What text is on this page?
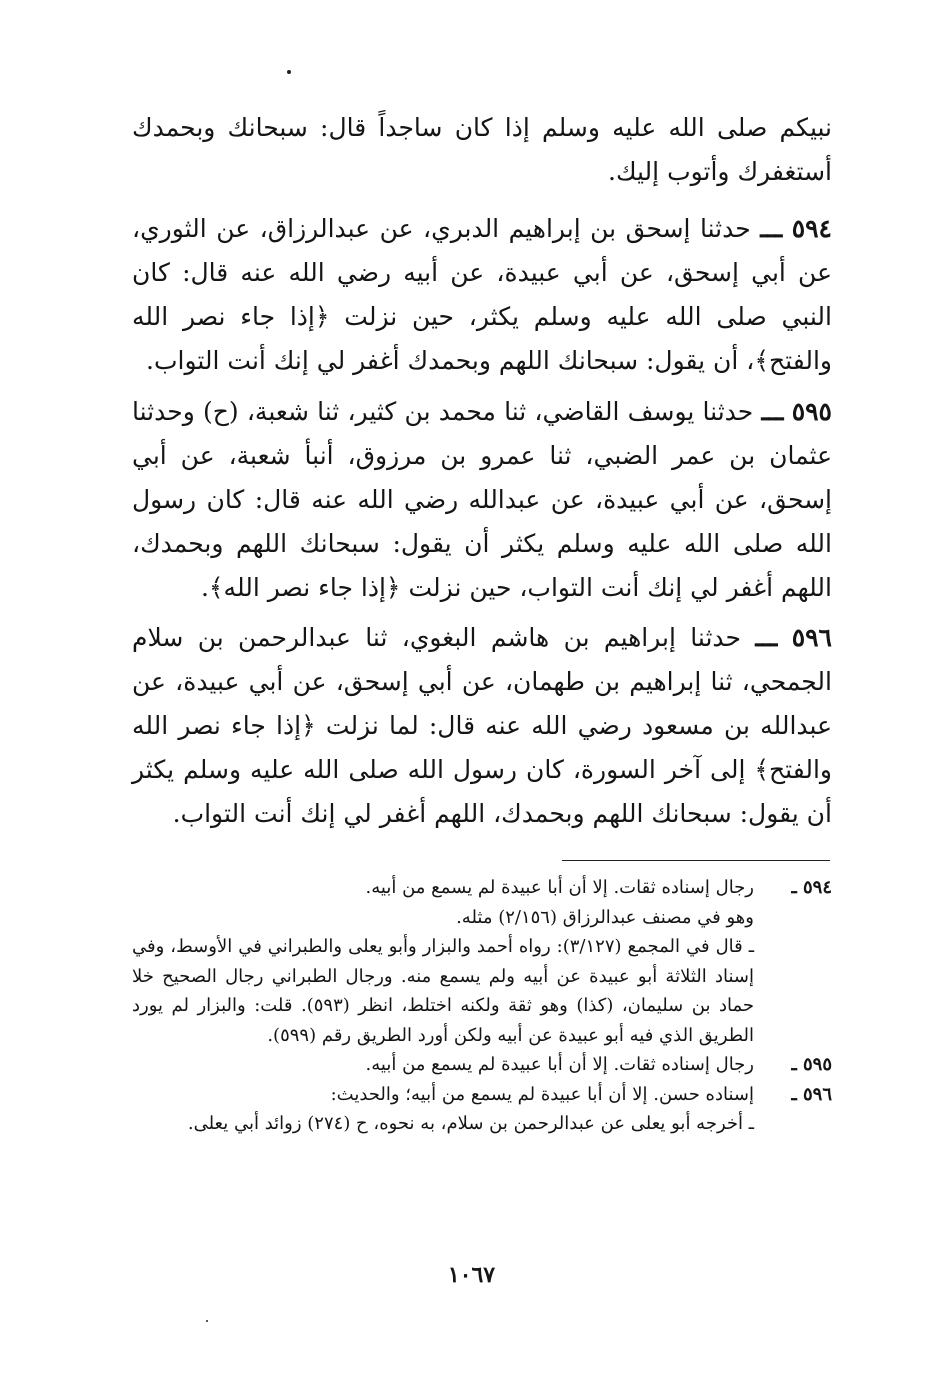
نبيكم صلى الله عليه وسلم إذا كان ساجداً قال: سبحانك وبحمدك أستغفرك وأتوب إليك.

٥٩٤ ـــ حدثنا إسحق بن إبراهيم الدبري، عن عبدالرزاق، عن الثوري، عن أبي إسحق، عن أبي عبيدة، عن أبيه رضي الله عنه قال: كان النبي صلى الله عليه وسلم يكثر، حين نزلت ﴿إذا جاء نصر الله والفتح﴾، أن يقول: سبحانك اللهم وبحمدك أغفر لي إنك أنت التواب.

٥٩٥ ـــ حدثنا يوسف القاضي، ثنا محمد بن كثير، ثنا شعبة، (ح) وحدثنا عثمان بن عمر الضبي، ثنا عمرو بن مرزوق، أنبأ شعبة، عن أبي إسحق، عن أبي عبيدة، عن عبدالله رضي الله عنه قال: كان رسول الله صلى الله عليه وسلم يكثر أن يقول: سبحانك اللهم وبحمدك، اللهم أغفر لي إنك أنت التواب، حين نزلت ﴿إذا جاء نصر الله﴾.

٥٩٦ ـــ حدثنا إبراهيم بن هاشم البغوي، ثنا عبدالرحمن بن سلام الجمحي، ثنا إبراهيم بن طهمان، عن أبي إسحق، عن أبي عبيدة، عن عبدالله بن مسعود رضي الله عنه قال: لما نزلت ﴿إذا جاء نصر الله والفتح﴾ إلى آخر السورة، كان رسول الله صلى الله عليه وسلم يكثر أن يقول: سبحانك اللهم وبحمدك، اللهم أغفر لي إنك أنت التواب.

٥٩٤ ـ

رجال إسناده ثقات. إلا أن أبا عبيدة لم يسمع من أبيه.

وهو في مصنف عبدالرزاق (٢/١٥٦) مثله.

ـ قال في المجمع (٣/١٢٧): رواه أحمد والبزار وأبو يعلى والطبراني في الأوسط، وفي إسناد الثلاثة أبو عبيدة عن أبيه ولم يسمع منه. ورجال الطبراني رجال الصحيح خلا حماد بن سليمان، (كذا) وهو ثقة ولكنه اختلط، انظر (٥٩٣). قلت: والبزار لم يورد الطريق الذي فيه أبو عبيدة عن أبيه ولكن أورد الطريق رقم (٥٩٩).

٥٩٥ ـ

رجال إسناده ثقات. إلا أن أبا عبيدة لم يسمع من أبيه.

٥٩٦ ـ

إسناده حسن. إلا أن أبا عبيدة لم يسمع من أبيه؛ والحديث:

ـ أخرجه أبو يعلى عن عبدالرحمن بن سلام، به نحوه، ح (٢٧٤) زوائد أبي يعلى.

١٠٦٧
